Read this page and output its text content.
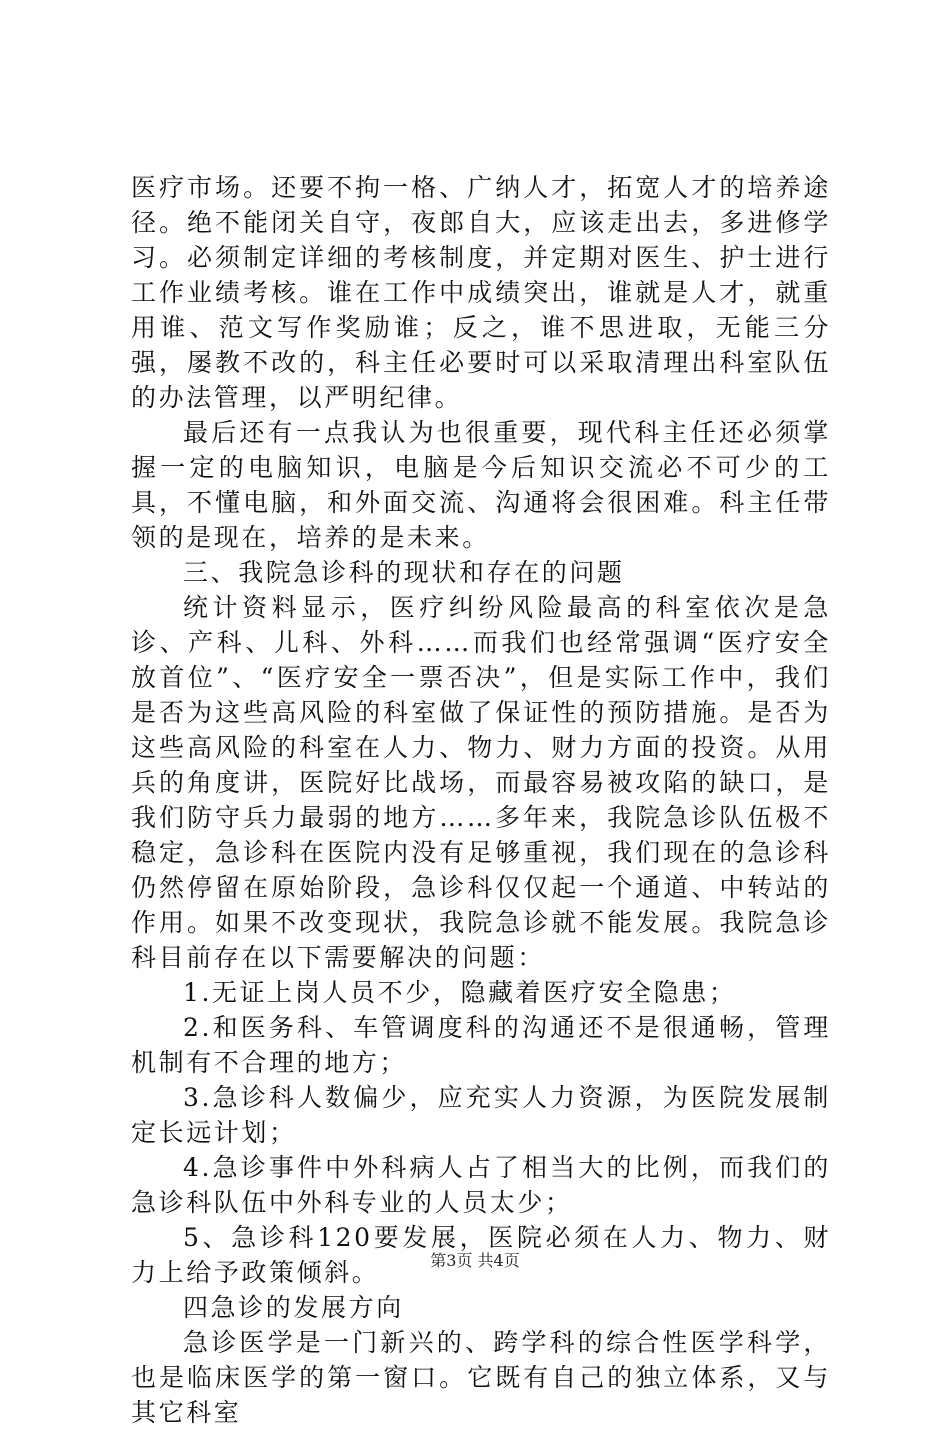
医疗市场。还要不拘一格、广纳人才，拓宽人才的培养途径。绝不能闭关自守，夜郎自大，应该走出去，多进修学习。必须制定详细的考核制度，并定期对医生、护士进行工作业绩考核。谁在工作中成绩突出，谁就是人才，就重用谁、范文写作奖励谁；反之，谁不思进取，无能三分强，屡教不改的，科主任必要时可以采取清理出科室队伍的办法管理，以严明纪律。

最后还有一点我认为也很重要，现代科主任还必须掌握一定的电脑知识，电脑是今后知识交流必不可少的工具，不懂电脑，和外面交流、沟通将会很困难。科主任带领的是现在，培养的是未来。

三、我院急诊科的现状和存在的问题

统计资料显示，医疗纠纷风险最高的科室依次是急诊、产科、儿科、外科……而我们也经常强调“医疗安全放首位”、“医疗安全一票否决”，但是实际工作中，我们是否为这些高风险的科室做了保证性的预防措施。是否为这些高风险的科室在人力、物力、财力方面的投资。从用兵的角度讲，医院好比战场，而最容易被攻陷的缺口，是我们防守兵力最弱的地方……多年来，我院急诊队伍极不稳定，急诊科在医院内没有足够重视，我们现在的急诊科仍然停留在原始阶段，急诊科仅仅起一个通道、中转站的作用。如果不改变现状，我院急诊就不能发展。我院急诊科目前存在以下需要解决的问题：

1.无证上岗人员不少，隐藏着医疗安全隐患；

2.和医务科、车管调度科的沟通还不是很通畅，管理机制有不合理的地方；

3.急诊科人数偏少，应充实人力资源，为医院发展制定长远计划；

4.急诊事件中外科病人占了相当大的比例，而我们的急诊科队伍中外科专业的人员太少；

5、急诊科120要发展，医院必须在人力、物力、财力上给予政策倾斜。

四急诊的发展方向

急诊医学是一门新兴的、跨学科的综合性医学科学，也是临床医学的第一窗口。它既有自己的独立体系，又与其它科室

第3页 共4页
